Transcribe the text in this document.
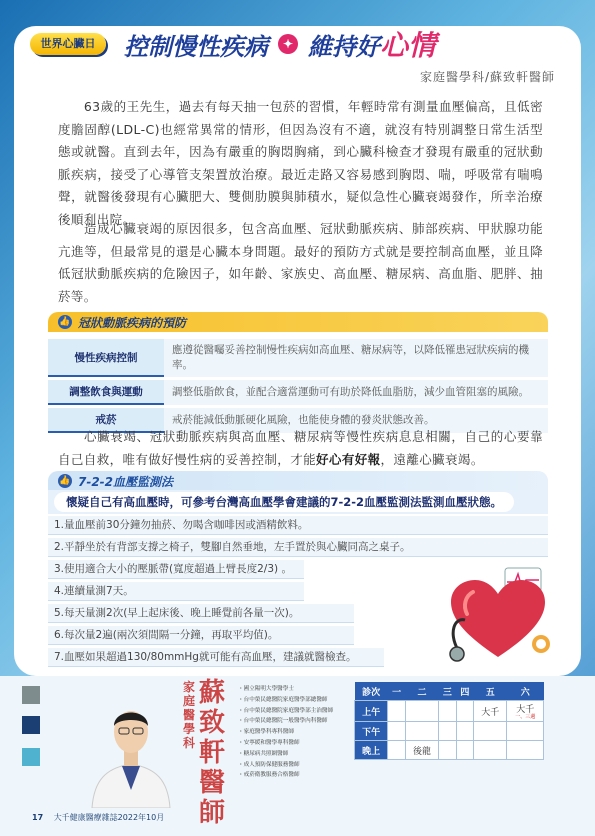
世界心臟日	控制慢性疾病	✦ 維持好心情
家庭醫學科/蘇致軒醫師

  63歲的王先生，過去有每天抽一包菸的習慣，年輕時常有測量血壓偏高，且低密度膽固醇(LDL-C)也經常異常的情形，但因為沒有不適，就沒有特別調整日常生活型態或就醫。直到去年，因為有嚴重的胸悶胸痛，到心臟科檢查才發現有嚴重的冠狀動脈疾病，接受了心導管支架置放治療。最近走路又容易感到胸悶、喘，呼吸常有喘鳴聲，就醫後發現有心臟肥大、雙側肋膜與肺積水，疑似急性心臟衰竭發作，所幸治療後順利出院。

  造成心臟衰竭的原因很多，包含高血壓、冠狀動脈疾病、肺部疾病、甲狀腺功能亢進等，但最常見的還是心臟本身問題。最好的預防方式就是要控制高血壓，並且降低冠狀動脈疾病的危險因子，如年齡、家族史、高血壓、糖尿病、高血脂、肥胖、抽菸等。

👍 冠狀動脈疾病的預防
慢性疾病控制	應遵從醫囑妥善控制慢性疾病如高血壓、糖尿病等，以降低罹患冠狀疾病的機率。
調整飲食與運動	調整低脂飲食，並配合適當運動可有助於降低血脂肪，減少血管阻塞的風險。
戒菸	戒菸能減低動脈硬化風險，也能使身體的發炎狀態改善。

  心臟衰竭、冠狀動脈疾病與高血壓、糖尿病等慢性疾病息息相關，自己的心要靠自己自救，唯有做好慢性病的妥善控制，才能好心有好報，遠離心臟衰竭。

👍 7-2-2血壓監測法
懷疑自己有高血壓時，可參考台灣高血壓學會建議的7-2-2血壓監測法監測血壓狀態。
1.量血壓前30分鐘勿抽菸、勿喝含咖啡因或酒精飲料。
2.平靜坐於有背部支撐之椅子，雙腳自然垂地，左手置於與心臟同高之桌子。
3.使用適合大小的壓脈帶(寬度超過上臂長度2/3) 。
4.連續量測7天。
5.每天量測2次(早上起床後、晚上睡覺前各量一次)。
6.每次量2遍(兩次須間隔一分鐘，再取平均值)。
7.血壓如果超過130/80mmHg就可能有高血壓，建議就醫檢查。
家庭醫學科
蘇致軒醫師
・國立陽明大學醫學士
・台中榮民總醫院家庭醫學部總醫師
・台中榮民總醫院家庭醫學部主治醫師
・台中榮民總醫院一般醫學內科醫師
・家庭醫學科專科醫師
・安寧緩和醫學專科醫師
・糖尿病共照網醫師
・成人預防保健服務醫師
・戒菸衛教服務合格醫師
診次	一	二	三	四	五	六
上午					大千	大千
一、三週

下午						
晚上		後龍				
17 大千健康醫療雜誌2022年10月
